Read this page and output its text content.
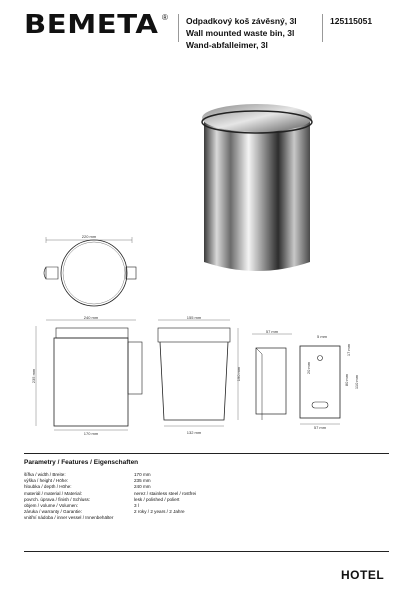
BEMETA ® Odpadkový koš závěsný, 3l
Wall mounted waste bin, 3l
Wand-abfalleimer, 3l
125115051
220 mm
240 mm
235 mm
170 mm
155 mm
190 mm
132 mm
57 mm
5 mm
17 mm
20 mm
80 mm 110 mm
57 mm
Parametry / Features / Eigenschaften
šířka / width / Breite:	170 mm
výška / height / Höhe:	235 mm
hloubka / depth / Höhe:	240 mm
materiál / material / Material:	nerez / stainless steel / rostfrei
povrch. úprava / finish / Schluss:	lesk / polished / poliert
objem / volume / Volumen:	3 l
záruka / warranty / Garantie:	2 roky / 2 years / 2 Jahre
vnitřní nádoba / inner vessel / Innenbehälter
HOTEL
